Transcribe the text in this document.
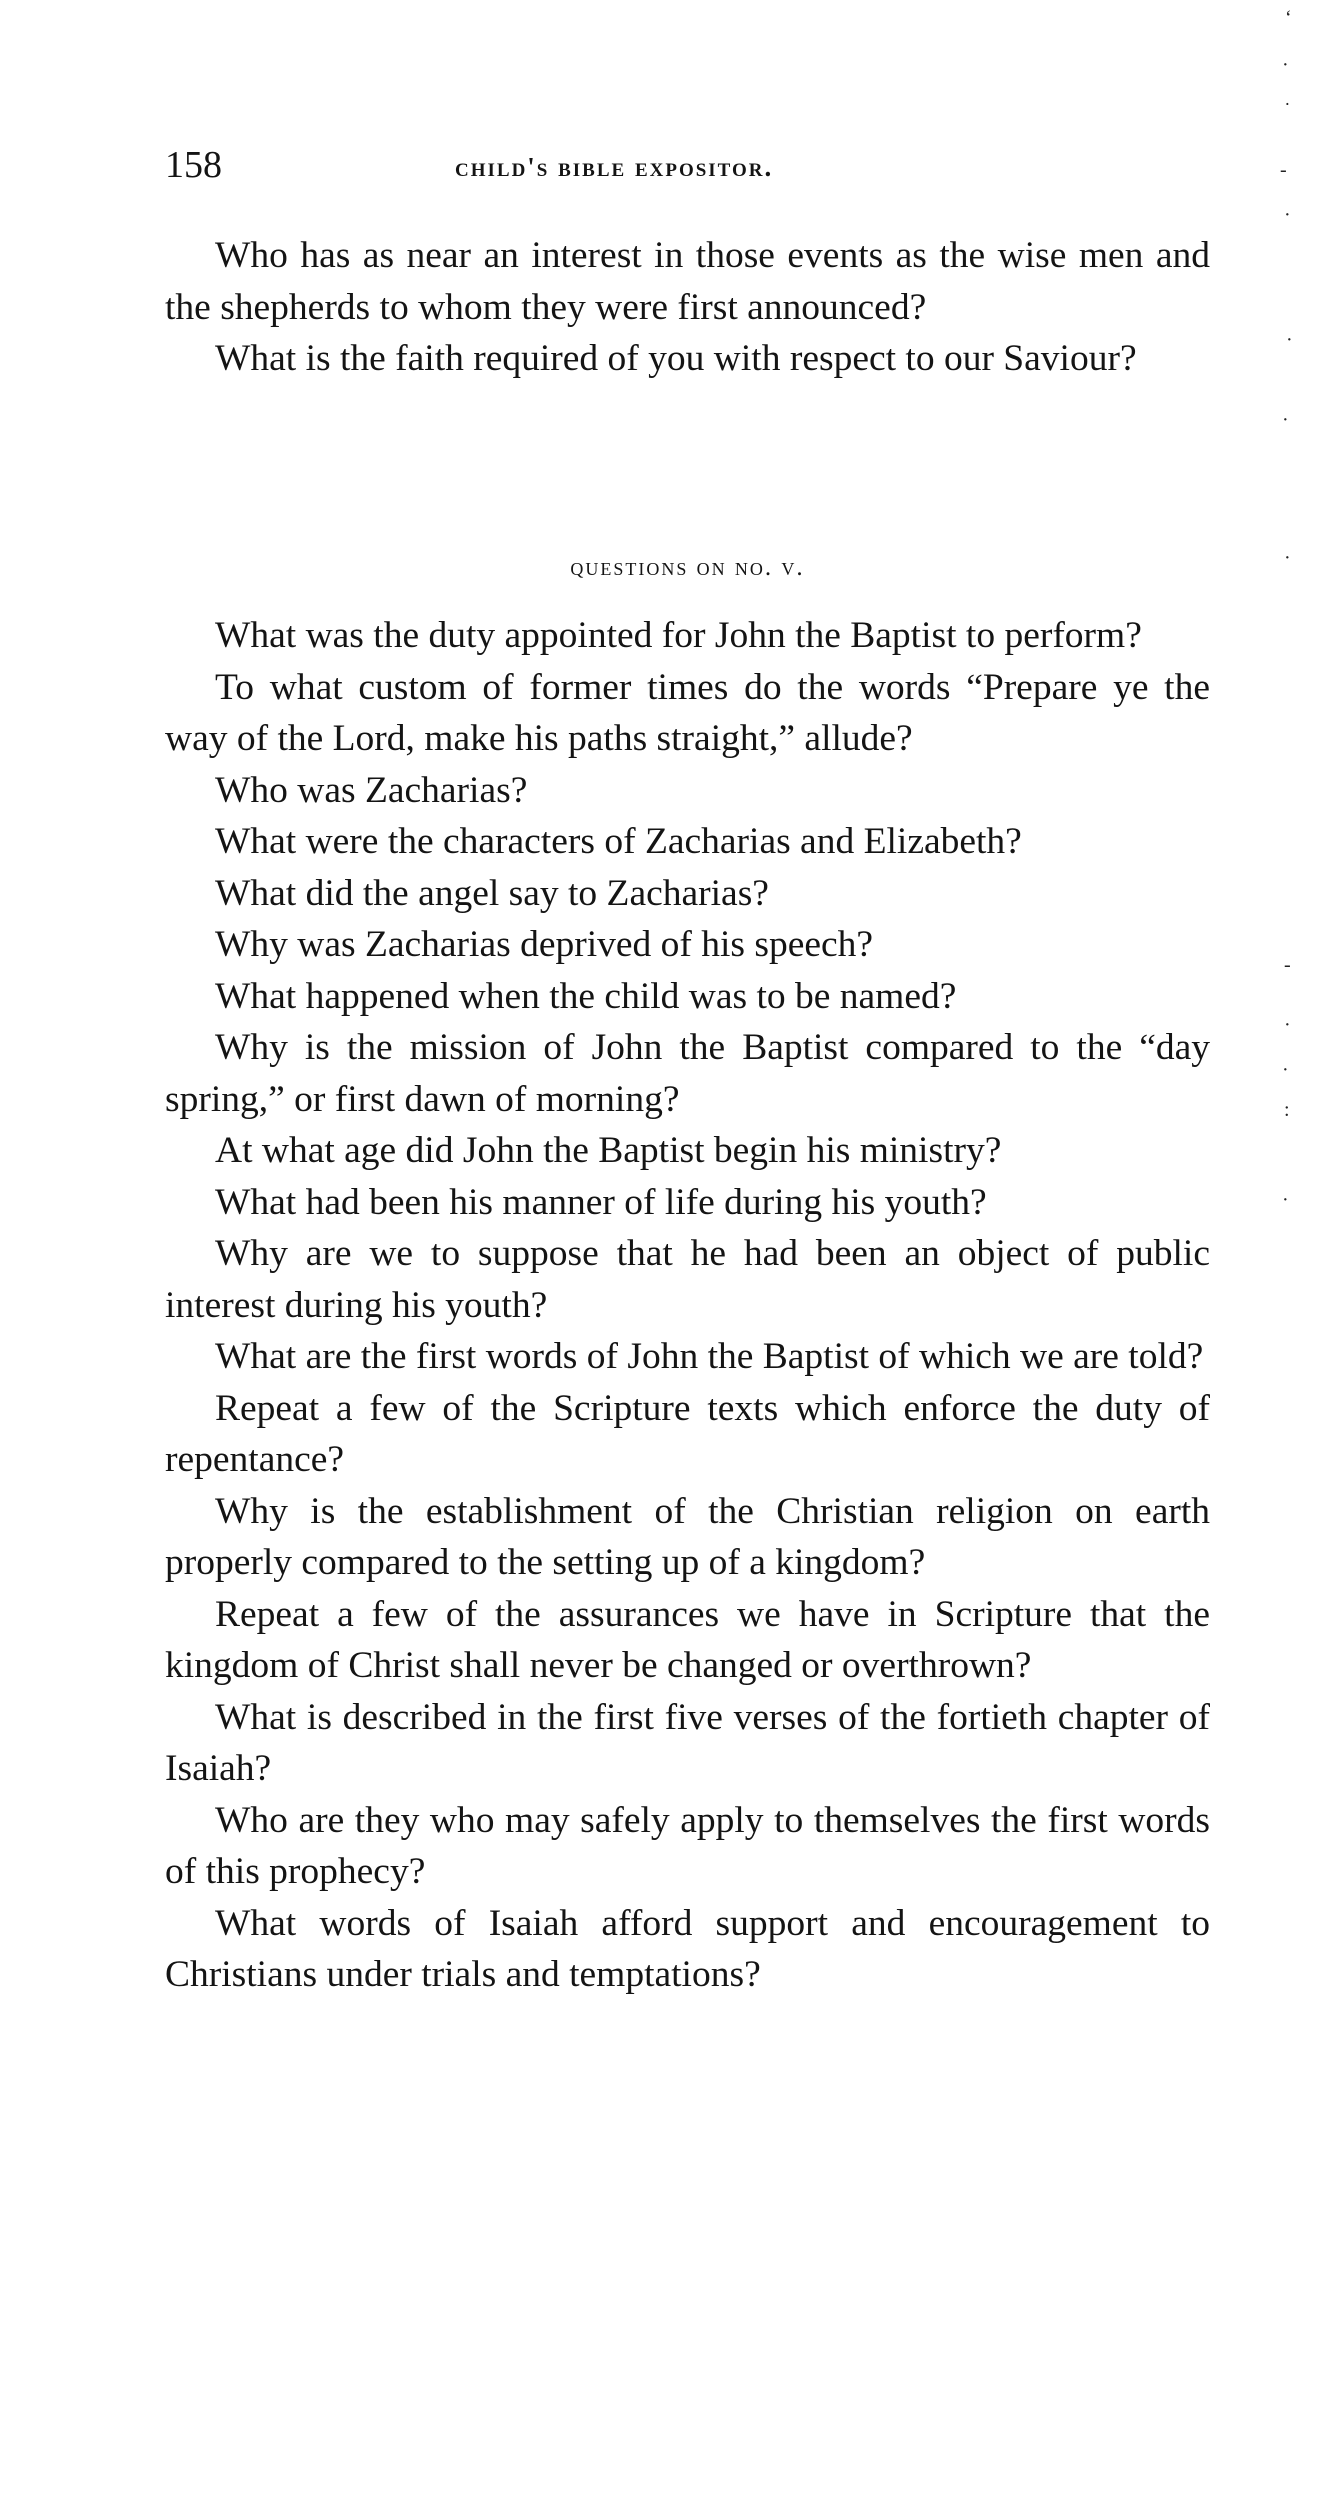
158	child's bible expositor.

Who has as near an interest in those events as the wise men and the shepherds to whom they were first announced?

What is the faith required of you with respect to our Saviour?

questions on no. v.

What was the duty appointed for John the Baptist to perform?

To what custom of former times do the words “Prepare ye the way of the Lord, make his paths straight,” allude?

Who was Zacharias?

What were the characters of Zacharias and Elizabeth?

What did the angel say to Zacharias?

Why was Zacharias deprived of his speech?

What happened when the child was to be named?

Why is the mission of John the Baptist compared to the “day spring,” or first dawn of morning?

At what age did John the Baptist begin his ministry?

What had been his manner of life during his youth?

Why are we to suppose that he had been an object of public interest during his youth?

What are the first words of John the Baptist of which we are told?

Repeat a few of the Scripture texts which enforce the duty of repentance?

Why is the establishment of the Christian religion on earth properly compared to the setting up of a kingdom?

Repeat a few of the assurances we have in Scripture that the kingdom of Christ shall never be changed or overthrown?

What is described in the first five verses of the fortieth chapter of Isaiah?

Who are they who may safely apply to themselves the first words of this prophecy?

What words of Isaiah afford support and encouragement to Christians under trials and temptations?

‘
·
˙
-
·
·
·
·
-
·
·
:
·
